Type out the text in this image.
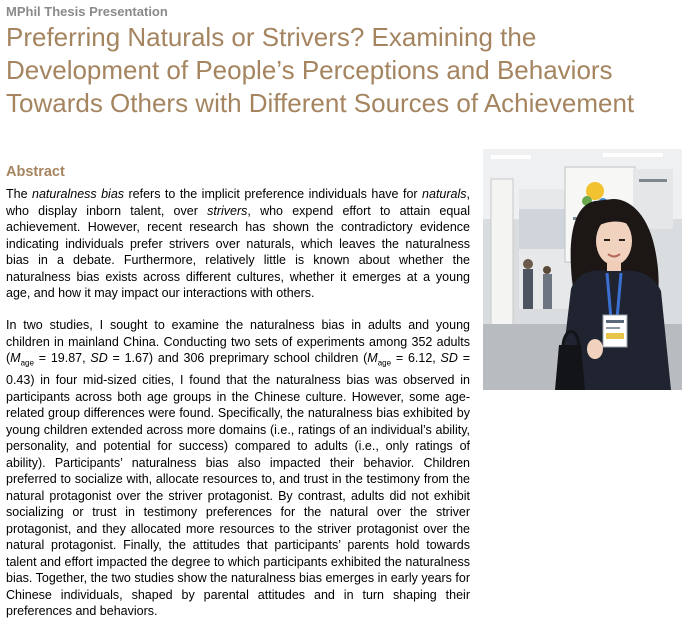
MPhil Thesis Presentation
Preferring Naturals or Strivers? Examining the Development of People’s Perceptions and Behaviors Towards Others with Different Sources of Achievement
Abstract

The naturalness bias refers to the implicit preference individuals have for naturals, who display inborn talent, over strivers, who expend effort to attain equal achievement. However, recent research has shown the contradictory evidence indicating individuals prefer strivers over naturals, which leaves the naturalness bias in a debate. Furthermore, relatively little is known about whether the naturalness bias exists across different cultures, whether it emerges at a young age, and how it may impact our interactions with others.

In two studies, I sought to examine the naturalness bias in adults and young children in mainland China. Conducting two sets of experiments among 352 adults ($M_{age} = 19.87$, SD = 1.67) and 306 preprimary school children ($M_{age} = 6.12$, SD = 0.43) in four mid-sized cities, I found that the naturalness bias was observed in participants across both age groups in the Chinese culture. However, some age-related group differences were found. Specifically, the naturalness bias exhibited by young children extended across more domains (i.e., ratings of an individual’s ability, personality, and potential for success) compared to adults (i.e., only ratings of ability). Participants’ naturalness bias also impacted their behavior. Children preferred to socialize with, allocate resources to, and trust in the testimony from the natural protagonist over the striver protagonist. By contrast, adults did not exhibit socializing or trust in testimony preferences for the natural over the striver protagonist, and they allocated more resources to the striver protagonist over the natural protagonist. Finally, the attitudes that participants’ parents hold towards talent and effort impacted the degree to which participants exhibited the naturalness bias. Together, the two studies show the naturalness bias emerges in early years for Chinese individuals, shaped by parental attitudes and in turn shaping their preferences and behaviors.
